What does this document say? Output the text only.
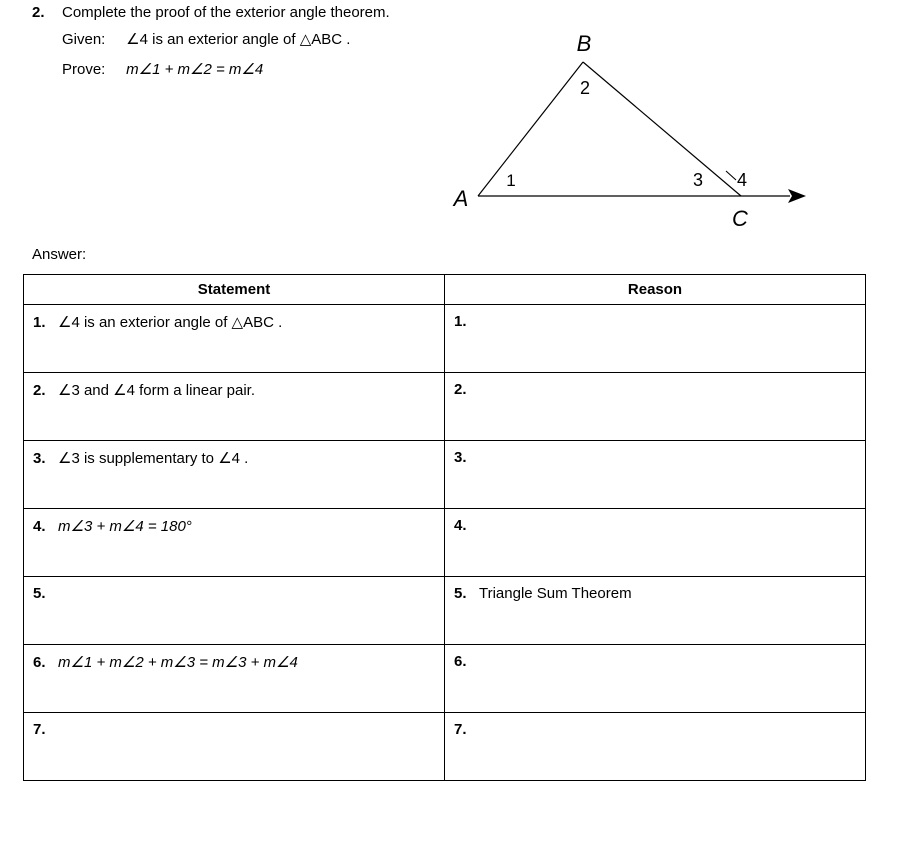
2. Complete the proof of the exterior angle theorem.
Given: ∠4 is an exterior angle of △ABC .
Prove: m∠1 + m∠2 = m∠4
B
A
C
1
2
3 4
Answer:
Statement	Reason
1. ∠4 is an exterior angle of △ABC .	1.
2. ∠3 and ∠4 form a linear pair.	2.
3. ∠3 is supplementary to ∠4 .	3.
4. m∠3 + m∠4 = 180°	4.
5.	5. Triangle Sum Theorem
6. m∠1 + m∠2 + m∠3 = m∠3 + m∠4	6.
7.	7.
